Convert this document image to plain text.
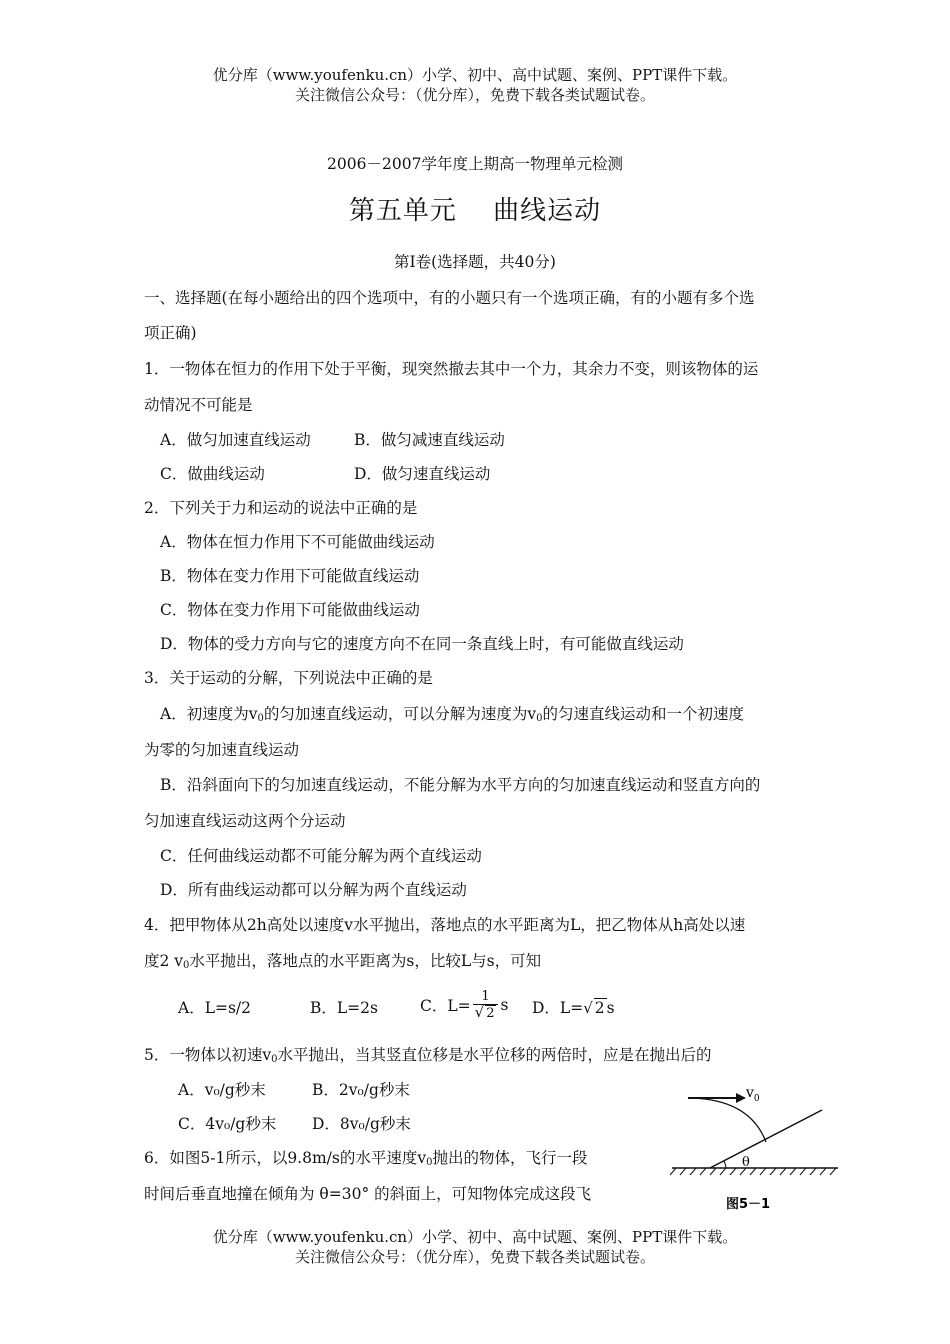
优分库（www.youfenku.cn）小学、初中、高中试题、案例、PPT课件下载。
关注微信公众号：（优分库），免费下载各类试题试卷。
2006－2007学年度上期高一物理单元检测
第五单元　 曲线运动
第Ⅰ卷(选择题，共40分)
一、选择题(在每小题给出的四个选项中，有的小题只有一个选项正确，有的小题有多个选
项正确)
1．一物体在恒力的作用下处于平衡，现突然撤去其中一个力，其余力不变，则该物体的运
动情况不可能是
A．做匀加速直线运动	B．做匀减速直线运动
C．做曲线运动	D．做匀速直线运动
2．下列关于力和运动的说法中正确的是
A．物体在恒力作用下不可能做曲线运动
B．物体在变力作用下可能做直线运动
C．物体在变力作用下可能做曲线运动
D．物体的受力方向与它的速度方向不在同一条直线上时，有可能做直线运动
3．关于运动的分解，下列说法中正确的是
A．初速度为$v_0$的匀加速直线运动，可以分解为速度为$v_0$的匀速直线运动和一个初速度
为零的匀加速直线运动
B．沿斜面向下的匀加速直线运动，不能分解为水平方向的匀加速直线运动和竖直方向的
匀加速直线运动这两个分运动
C．任何曲线运动都不可能分解为两个直线运动
D．所有曲线运动都可以分解为两个直线运动
4．把甲物体从2h高处以速度v水平抛出，落地点的水平距离为L，把乙物体从h高处以速
度2 $v_0$水平抛出，落地点的水平距离为s，比较L与s，可知
A．L=s/2	B．L=2s	C．$L= \frac{1}{√ 2}$ s D．L=√ 2 s
5．一物体以初速$v_0$水平抛出，当其竖直位移是水平位移的两倍时，应是在抛出后的
A．v₀/g秒末	B．2v₀/g秒末
C．4v₀/g秒末 D．8v₀/g秒末
6．如图5-1所示，以9.8m/s的水平速度$v_0$抛出的物体，飞行一段
时间后垂直地撞在倾角为 θ=30° 的斜面上，可知物体完成这段飞
$v_0$
θ
图5－1
优分库（www.youfenku.cn）小学、初中、高中试题、案例、PPT课件下载。
关注微信公众号：（优分库），免费下载各类试题试卷。
